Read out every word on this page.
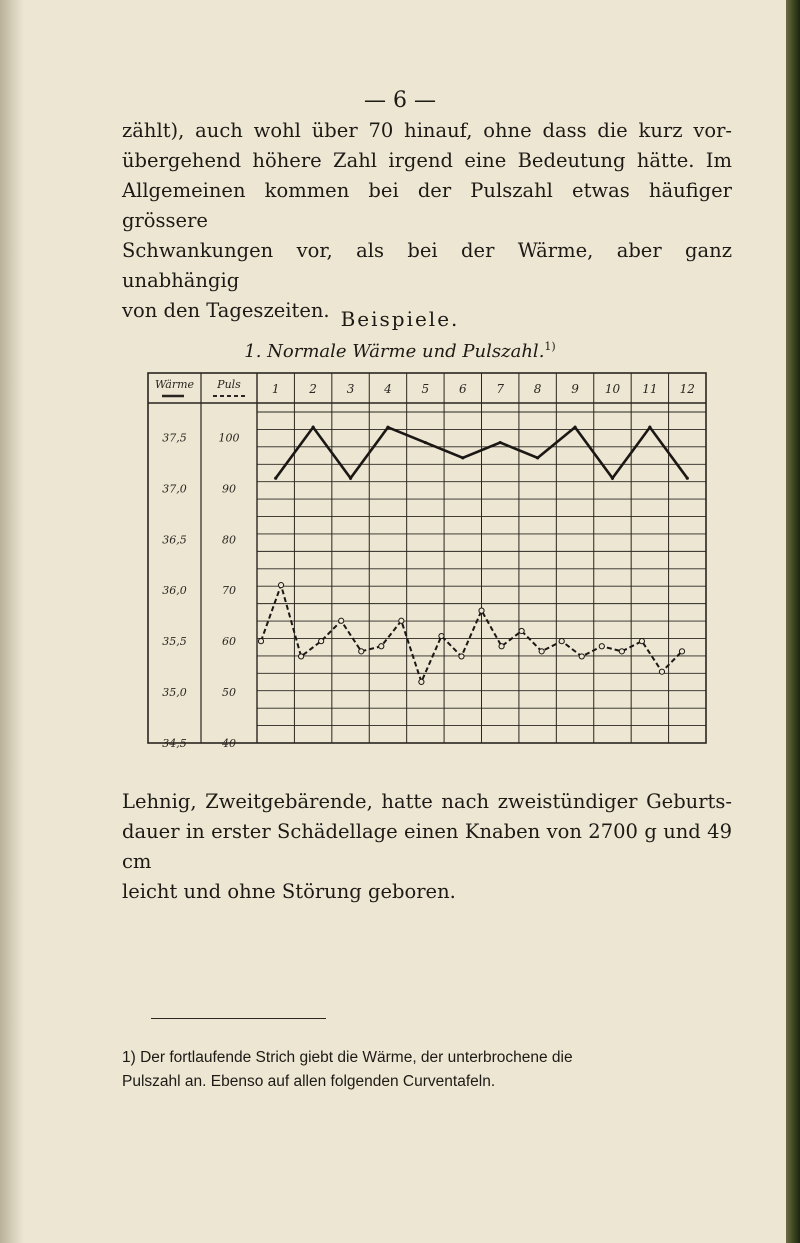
— 6 —
zählt), auch wohl über 70 hinauf, ohne dass die kurz vor-
übergehend höhere Zahl irgend eine Bedeutung hätte. Im
Allgemeinen kommen bei der Pulszahl etwas häufiger grössere
Schwankungen vor, als bei der Wärme, aber ganz unabhängig
von den Tageszeiten. Beispiele.
1. Normale Wärme und Pulszahl.$^{1)}$
Wärme Puls	1 2 3 4 5 6 7 8 9 10 11 12
37,5
37,0
36,5
36,0
35,5
35,0
34,5
100
90
80
70
60
50
40
Lehnig, Zweitgebärende, hatte nach zweistündiger Geburts-
dauer in erster Schädellage einen Knaben von 2700 g und 49 cm
leicht und ohne Störung geboren.
1) Der fortlaufende Strich giebt die Wärme, der unterbrochene die
Pulszahl an. Ebenso auf allen folgenden Curventafeln.
